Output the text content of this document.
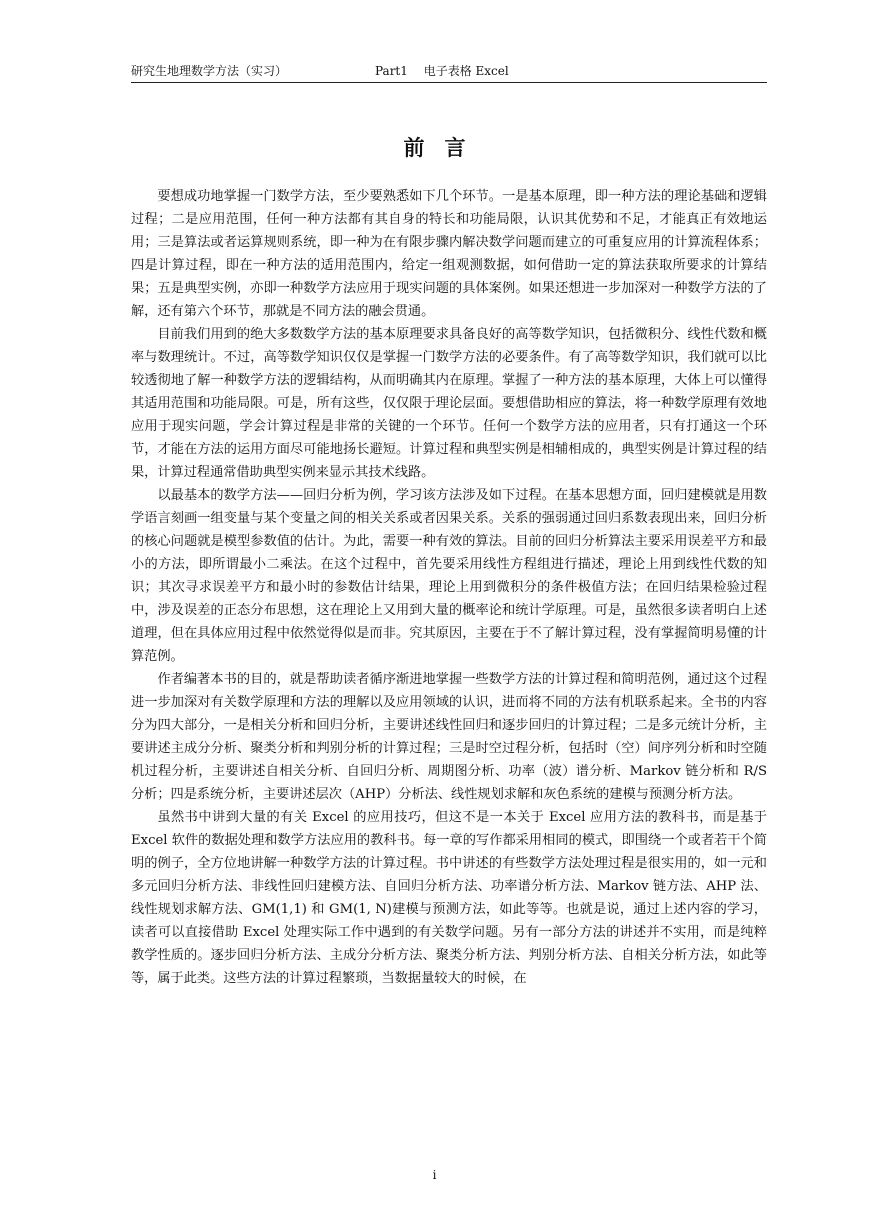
研究生地理数学方法（实习）	Part1　 电子表格 Excel
前言

要想成功地掌握一门数学方法，至少要熟悉如下几个环节。一是基本原理，即一种方法的理论基础和逻辑过程；二是应用范围，任何一种方法都有其自身的特长和功能局限，认识其优势和不足，才能真正有效地运用；三是算法或者运算规则系统，即一种为在有限步骤内解决数学问题而建立的可重复应用的计算流程体系；四是计算过程，即在一种方法的适用范围内，给定一组观测数据，如何借助一定的算法获取所要求的计算结果；五是典型实例，亦即一种数学方法应用于现实问题的具体案例。如果还想进一步加深对一种数学方法的了解，还有第六个环节，那就是不同方法的融会贯通。

目前我们用到的绝大多数数学方法的基本原理要求具备良好的高等数学知识，包括微积分、线性代数和概率与数理统计。不过，高等数学知识仅仅是掌握一门数学方法的必要条件。有了高等数学知识，我们就可以比较透彻地了解一种数学方法的逻辑结构，从而明确其内在原理。掌握了一种方法的基本原理，大体上可以懂得其适用范围和功能局限。可是，所有这些，仅仅限于理论层面。要想借助相应的算法，将一种数学原理有效地应用于现实问题，学会计算过程是非常的关键的一个环节。任何一个数学方法的应用者，只有打通这一个环节，才能在方法的运用方面尽可能地扬长避短。计算过程和典型实例是相辅相成的，典型实例是计算过程的结果，计算过程通常借助典型实例来显示其技术线路。

以最基本的数学方法——回归分析为例，学习该方法涉及如下过程。在基本思想方面，回归建模就是用数学语言刻画一组变量与某个变量之间的相关关系或者因果关系。关系的强弱通过回归系数表现出来，回归分析的核心问题就是模型参数值的估计。为此，需要一种有效的算法。目前的回归分析算法主要采用误差平方和最小的方法，即所谓最小二乘法。在这个过程中，首先要采用线性方程组进行描述，理论上用到线性代数的知识；其次寻求误差平方和最小时的参数估计结果，理论上用到微积分的条件极值方法；在回归结果检验过程中，涉及误差的正态分布思想，这在理论上又用到大量的概率论和统计学原理。可是，虽然很多读者明白上述道理，但在具体应用过程中依然觉得似是而非。究其原因，主要在于不了解计算过程，没有掌握简明易懂的计算范例。

作者编著本书的目的，就是帮助读者循序渐进地掌握一些数学方法的计算过程和简明范例，通过这个过程进一步加深对有关数学原理和方法的理解以及应用领域的认识，进而将不同的方法有机联系起来。全书的内容分为四大部分，一是相关分析和回归分析，主要讲述线性回归和逐步回归的计算过程；二是多元统计分析，主要讲述主成分分析、聚类分析和判别分析的计算过程；三是时空过程分析，包括时（空）间序列分析和时空随机过程分析，主要讲述自相关分析、自回归分析、周期图分析、功率（波）谱分析、Markov 链分析和 R/S 分析；四是系统分析，主要讲述层次（AHP）分析法、线性规划求解和灰色系统的建模与预测分析方法。

虽然书中讲到大量的有关 Excel 的应用技巧，但这不是一本关于 Excel 应用方法的教科书，而是基于 Excel 软件的数据处理和数学方法应用的教科书。每一章的写作都采用相同的模式，即围绕一个或者若干个简明的例子，全方位地讲解一种数学方法的计算过程。书中讲述的有些数学方法处理过程是很实用的，如一元和多元回归分析方法、非线性回归建模方法、自回归分析方法、功率谱分析方法、Markov 链方法、AHP 法、线性规划求解方法、GM(1,1) 和 GM(1, N)建模与预测方法，如此等等。也就是说，通过上述内容的学习，读者可以直接借助 Excel 处理实际工作中遇到的有关数学问题。另有一部分方法的讲述并不实用，而是纯粹教学性质的。逐步回归分析方法、主成分分析方法、聚类分析方法、判别分析方法、自相关分析方法，如此等等，属于此类。这些方法的计算过程繁琐，当数据量较大的时候，在

i
